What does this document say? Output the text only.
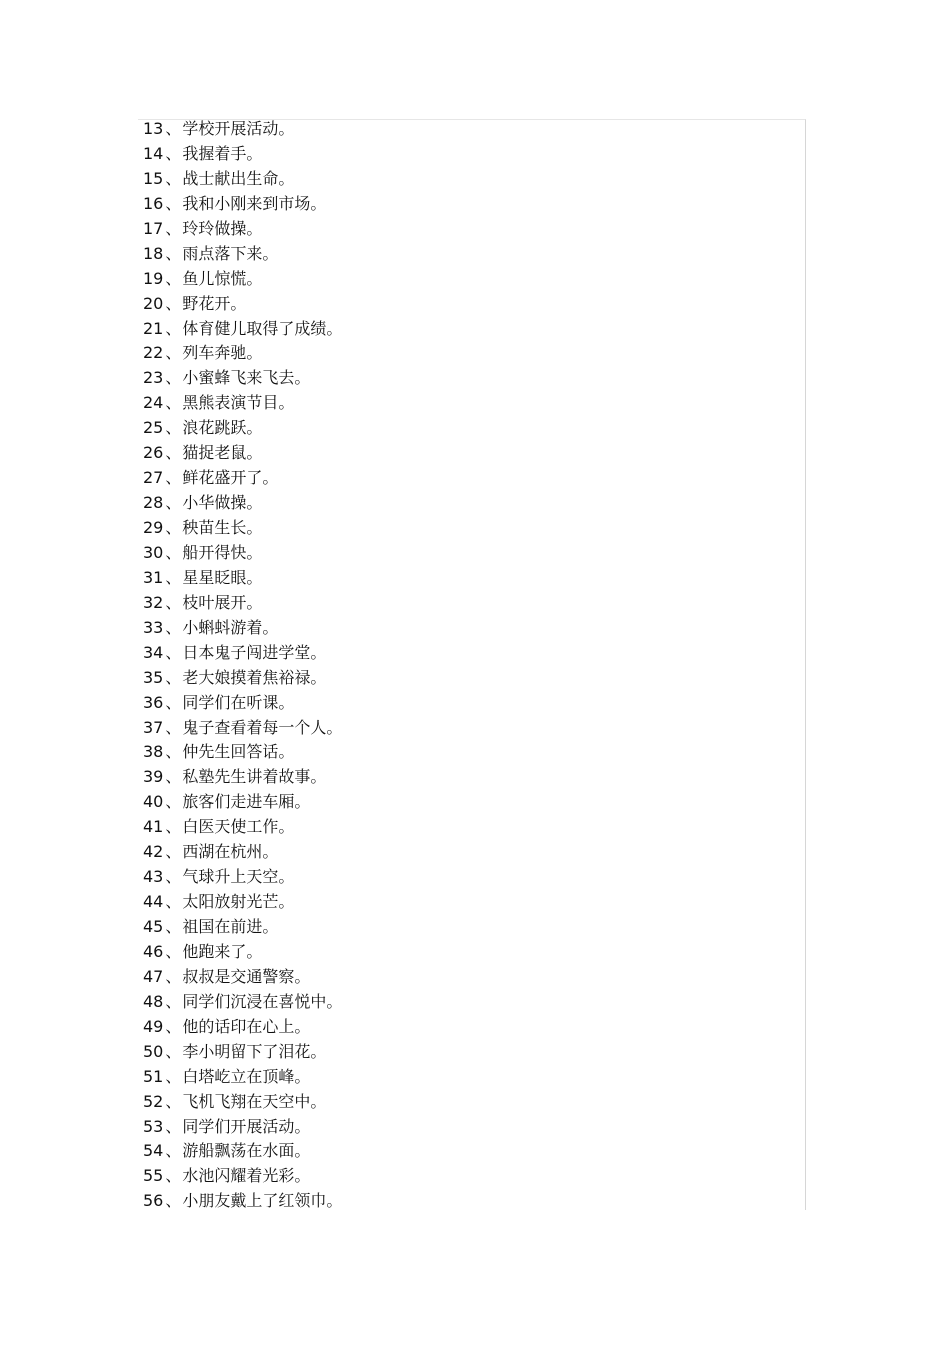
13 、学校开展活动。
14 、我握着手。
15 、战士献出生命。
16 、我和小刚来到市场。
17 、玲玲做操。
18 、雨点落下来。
19 、鱼儿惊慌。
20 、野花开。
21 、体育健儿取得了成绩。
22 、列车奔驰。
23 、小蜜蜂飞来飞去。
24 、黑熊表演节目。
25 、浪花跳跃。
26 、猫捉老鼠。
27 、鲜花盛开了。
28 、小华做操。
29 、秧苗生长。
30 、船开得快。
31 、星星眨眼。
32 、枝叶展开。
33 、小蝌蚪游着。
34 、日本鬼子闯进学堂。
35 、老大娘摸着焦裕禄。
36 、同学们在听课。
37 、鬼子查看着每一个人。
38 、仲先生回答话。
39 、私塾先生讲着故事。
40 、旅客们走进车厢。
41 、白医天使工作。
42 、西湖在杭州。
43 、气球升上天空。
44 、太阳放射光芒。
45 、祖国在前进。
46 、他跑来了。
47 、叔叔是交通警察。
48 、同学们沉浸在喜悦中。
49 、他的话印在心上。
50 、李小明留下了泪花。
51 、白塔屹立在顶峰。
52 、飞机飞翔在天空中。
53 、同学们开展活动。
54 、游船飘荡在水面。
55 、水池闪耀着光彩。
56 、小朋友戴上了红领巾。
